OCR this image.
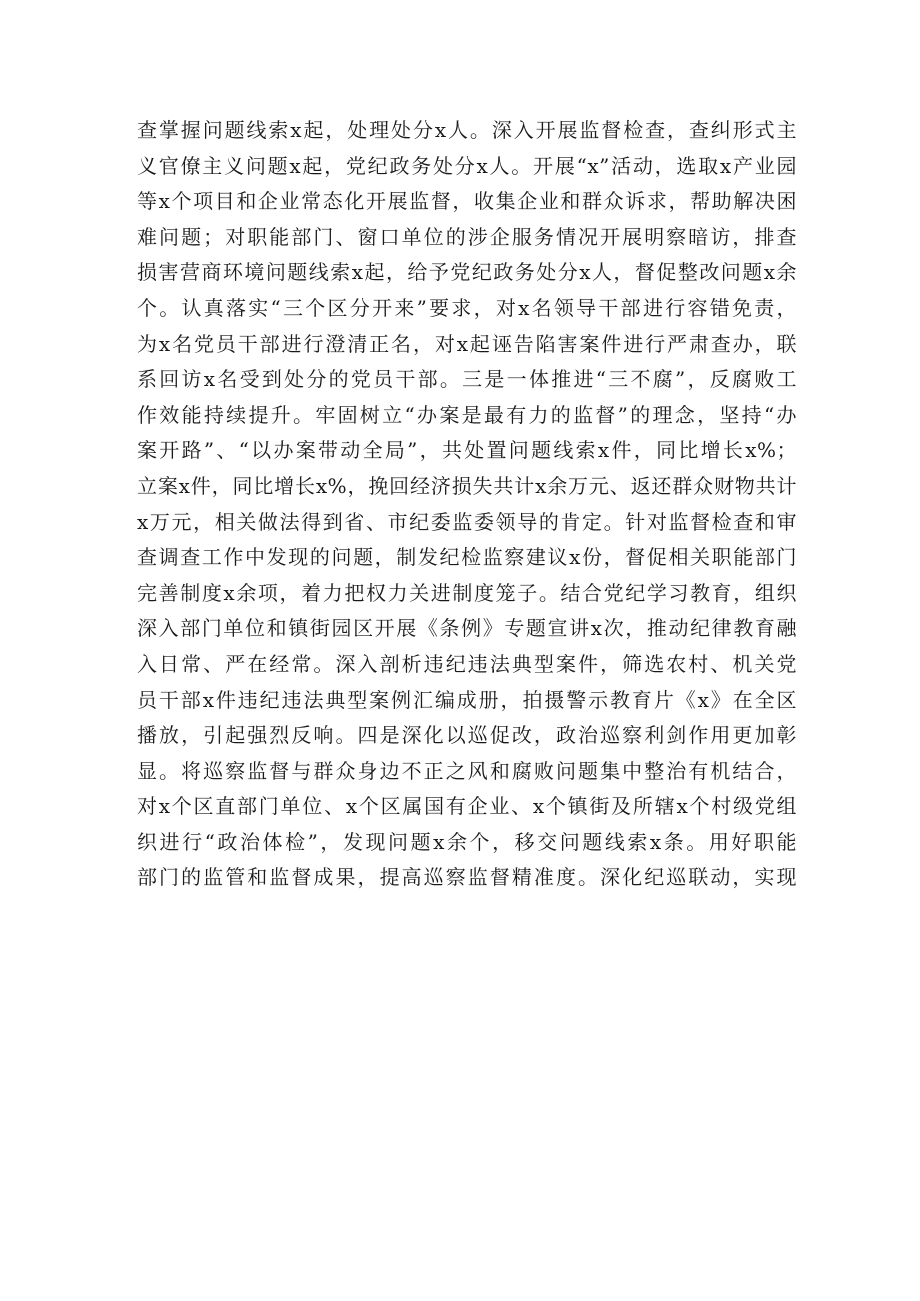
查掌握问题线索x起，处理处分x人。深入开展监督检查，查纠形式主
义官僚主义问题x起，党纪政务处分x人。开展“x”活动，选取x产业园
等x个项目和企业常态化开展监督，收集企业和群众诉求，帮助解决困
难问题；对职能部门、窗口单位的涉企服务情况开展明察暗访，排查
损害营商环境问题线索x起，给予党纪政务处分x人，督促整改问题x余
个。认真落实“三个区分开来”要求，对x名领导干部进行容错免责，
为x名党员干部进行澄清正名，对x起诬告陷害案件进行严肃查办，联
系回访x名受到处分的党员干部。三是一体推进“三不腐”，反腐败工
作效能持续提升。牢固树立“办案是最有力的监督”的理念，坚持“办
案开路”、“以办案带动全局”，共处置问题线索x件，同比增长x%；
立案x件，同比增长x%，挽回经济损失共计x余万元、返还群众财物共计
x万元，相关做法得到省、市纪委监委领导的肯定。针对监督检查和审
查调查工作中发现的问题，制发纪检监察建议x份，督促相关职能部门
完善制度x余项，着力把权力关进制度笼子。结合党纪学习教育，组织
深入部门单位和镇街园区开展《条例》专题宣讲x次，推动纪律教育融
入日常、严在经常。深入剖析违纪违法典型案件，筛选农村、机关党
员干部x件违纪违法典型案例汇编成册，拍摄警示教育片《x》在全区
播放，引起强烈反响。四是深化以巡促改，政治巡察利剑作用更加彰
显。将巡察监督与群众身边不正之风和腐败问题集中整治有机结合，
对x个区直部门单位、x个区属国有企业、x个镇街及所辖x个村级党组
织进行“政治体检”，发现问题x余个，移交问题线索x条。用好职能
部门的监管和监督成果，提高巡察监督精准度。深化纪巡联动，实现
